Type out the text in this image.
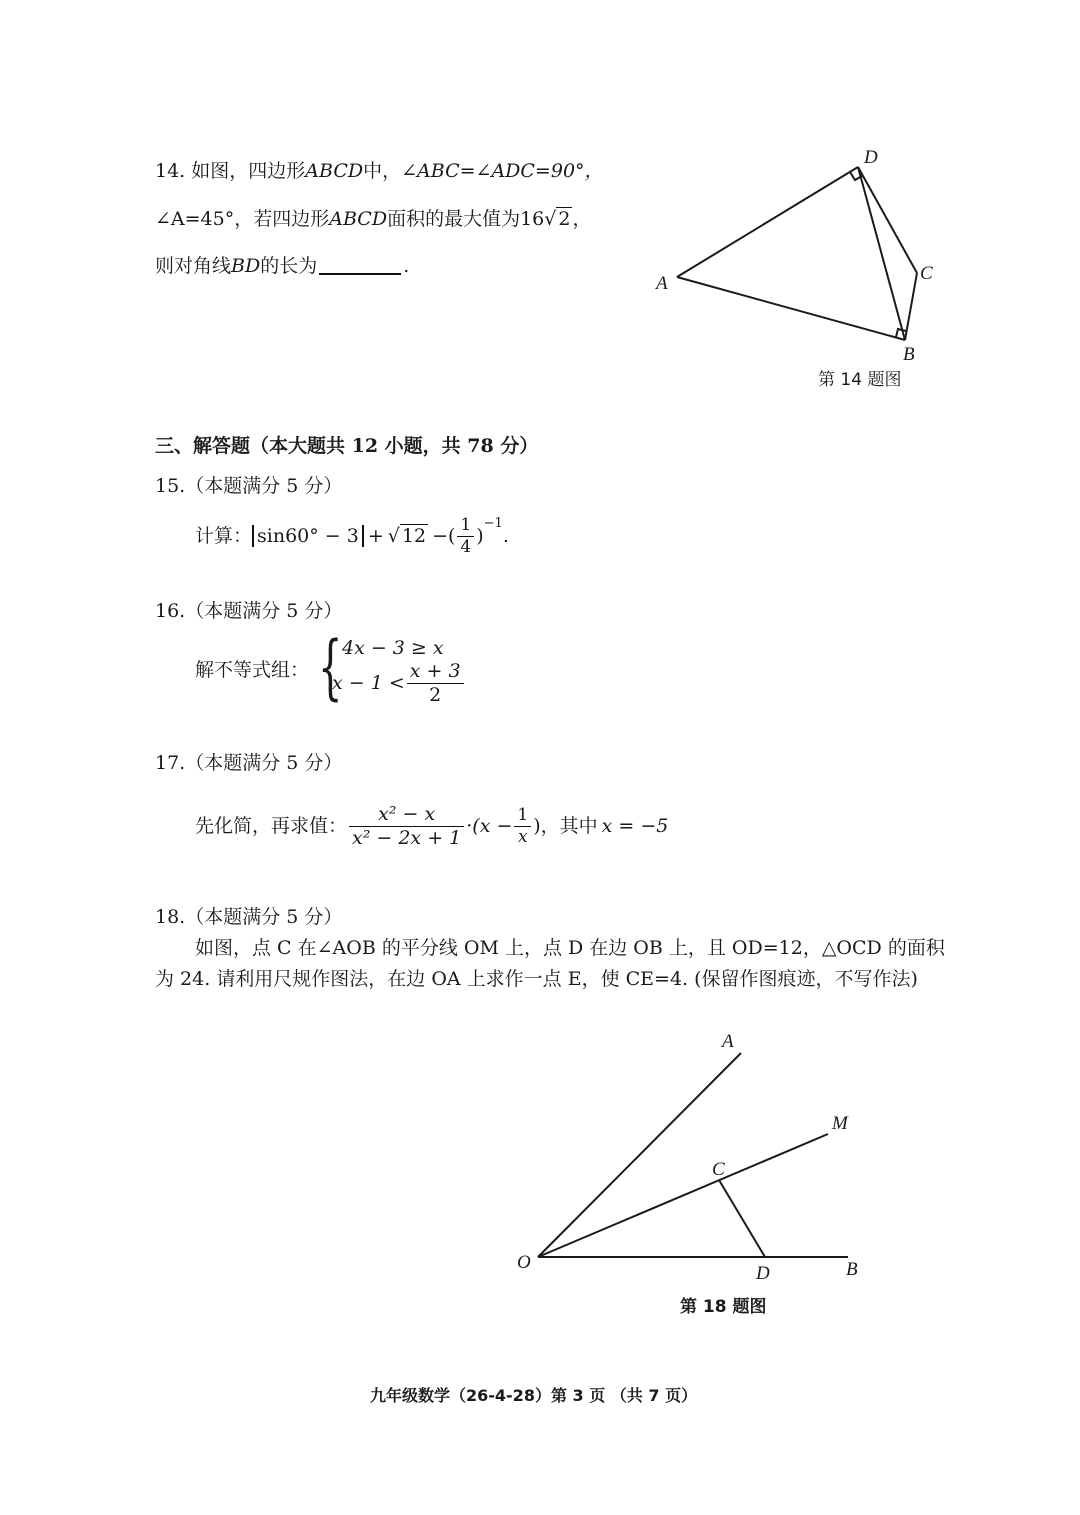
14. 如图，四边形ABCD中，∠ABC=∠ADC=90°，
∠A=45°，若四边形ABCD面积的最大值为16√ 2 ，
则对角线BD的长为	.
A
D
C
B
第 14 题图
三、解答题（本大题共 12 小题，共 78 分）
15.（本题满分 5 分）
计算： sin60° − 3 + √ 12 −( $\frac{1}{4}$ )
$^{-1}$
.
16.（本题满分 5 分）
解不等式组： { 4x − 3 ≥ x
$x - 1 < \frac{x + 3}{2}$
17.（本题满分 5 分）
先化简，再求值： $\frac{\text{x² − x}}{\text{x² − 2x + 1}} \cdot(x - \frac{1}{x}$ )，其中 x = −5
18.（本题满分 5 分）
如图，点 C 在∠AOB 的平分线 OM 上，点 D 在边 OB 上，且 OD=12，△OCD 的面积
为 24. 请利用尺规作图法，在边 OA 上求作一点 E，使 CE=4. (保留作图痕迹，不写作法)
O
A
M
C
D	B
第 18 题图
九年级数学（26-4-28）第 3 页 （共 7 页）
